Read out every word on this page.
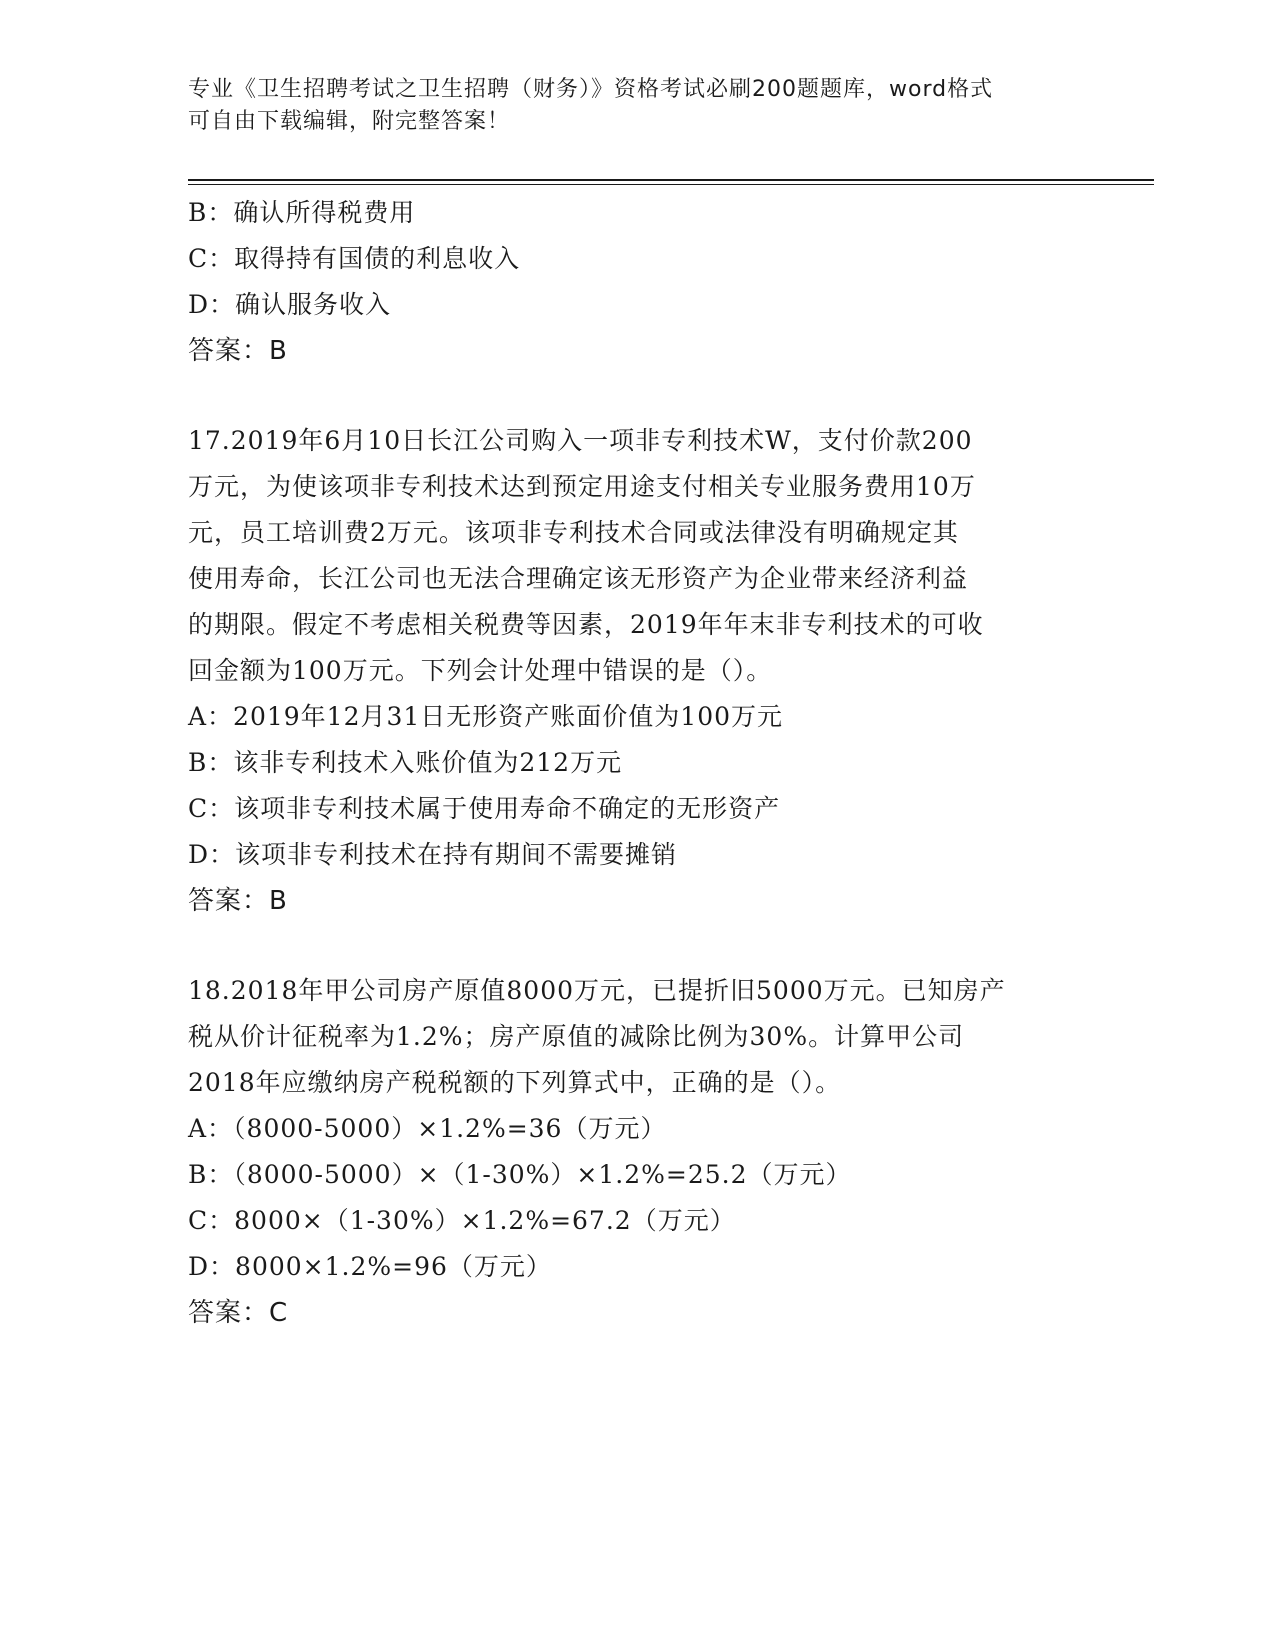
专业《卫生招聘考试之卫生招聘（财务）》资格考试必刷200题题库，word格式
可自由下载编辑，附完整答案！
B：确认所得税费用
C：取得持有国债的利息收入
D：确认服务收入
答案：B
17.2019年6月10日长江公司购入一项非专利技术W，支付价款200
万元，为使该项非专利技术达到预定用途支付相关专业服务费用10万
元，员工培训费2万元。该项非专利技术合同或法律没有明确规定其
使用寿命，长江公司也无法合理确定该无形资产为企业带来经济利益
的期限。假定不考虑相关税费等因素，2019年年末非专利技术的可收
回金额为100万元。下列会计处理中错误的是（）。
A：2019年12月31日无形资产账面价值为100万元
B：该非专利技术入账价值为212万元
C：该项非专利技术属于使用寿命不确定的无形资产
D：该项非专利技术在持有期间不需要摊销
答案：B
18.2018年甲公司房产原值8000万元，已提折旧5000万元。已知房产
税从价计征税率为1.2%；房产原值的减除比例为30%。计算甲公司
2018年应缴纳房产税税额的下列算式中，正确的是（）。
A：（8000-5000）×1.2%=36（万元）
B：（8000-5000）×（1-30%）×1.2%=25.2（万元）
C：8000×（1-30%）×1.2%=67.2（万元）
D：8000×1.2%=96（万元）
答案：C
